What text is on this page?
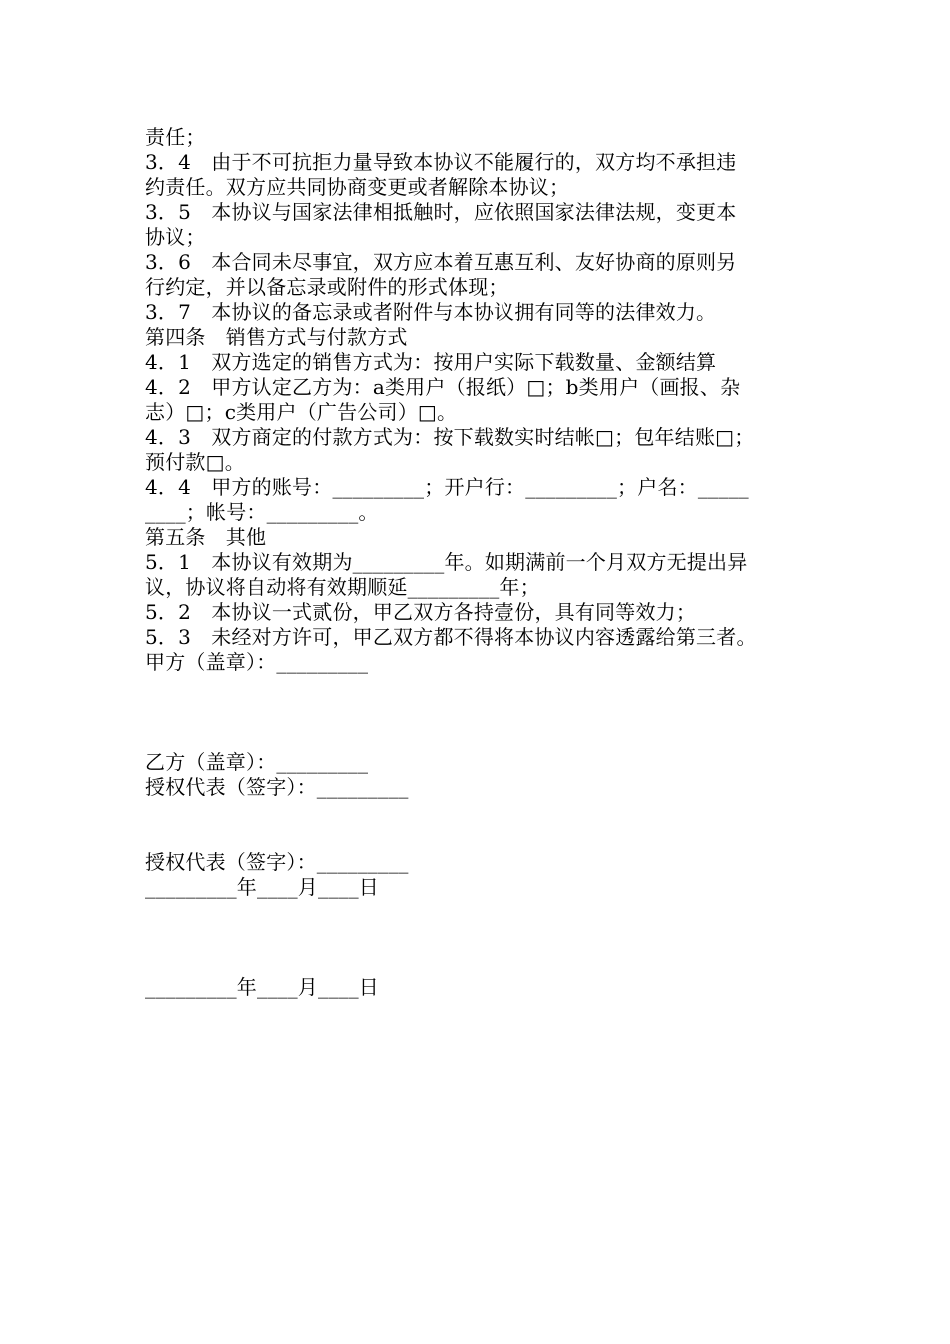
责任；
3．4　由于不可抗拒力量导致本协议不能履行的，双方均不承担违
约责任。双方应共同协商变更或者解除本协议；
3．5　本协议与国家法律相抵触时，应依照国家法律法规，变更本
协议；
3．6　本合同未尽事宜，双方应本着互惠互利、友好协商的原则另
行约定，并以备忘录或附件的形式体现；
3．7　本协议的备忘录或者附件与本协议拥有同等的法律效力。
第四条　销售方式与付款方式
4．1　双方选定的销售方式为：按用户实际下载数量、金额结算
4．2　甲方认定乙方为：a类用户（报纸）□；b类用户（画报、杂
志）□；c类用户（广告公司）□。
4．3　双方商定的付款方式为：按下载数实时结帐□；包年结账□；
预付款□。
4．4　甲方的账号：_________；开户行：_________；户名：_____
____；帐号：_________。
第五条　其他
5．1　本协议有效期为_________年。如期满前一个月双方无提出异
议，协议将自动将有效期顺延_________年；
5．2　本协议一式贰份，甲乙双方各持壹份，具有同等效力；
5．3　未经对方许可，甲乙双方都不得将本协议内容透露给第三者。
甲方（盖章）：_________
乙方（盖章）：_________
授权代表（签字）：_________
授权代表（签字）：_________
_________年____月____日
_________年____月____日
